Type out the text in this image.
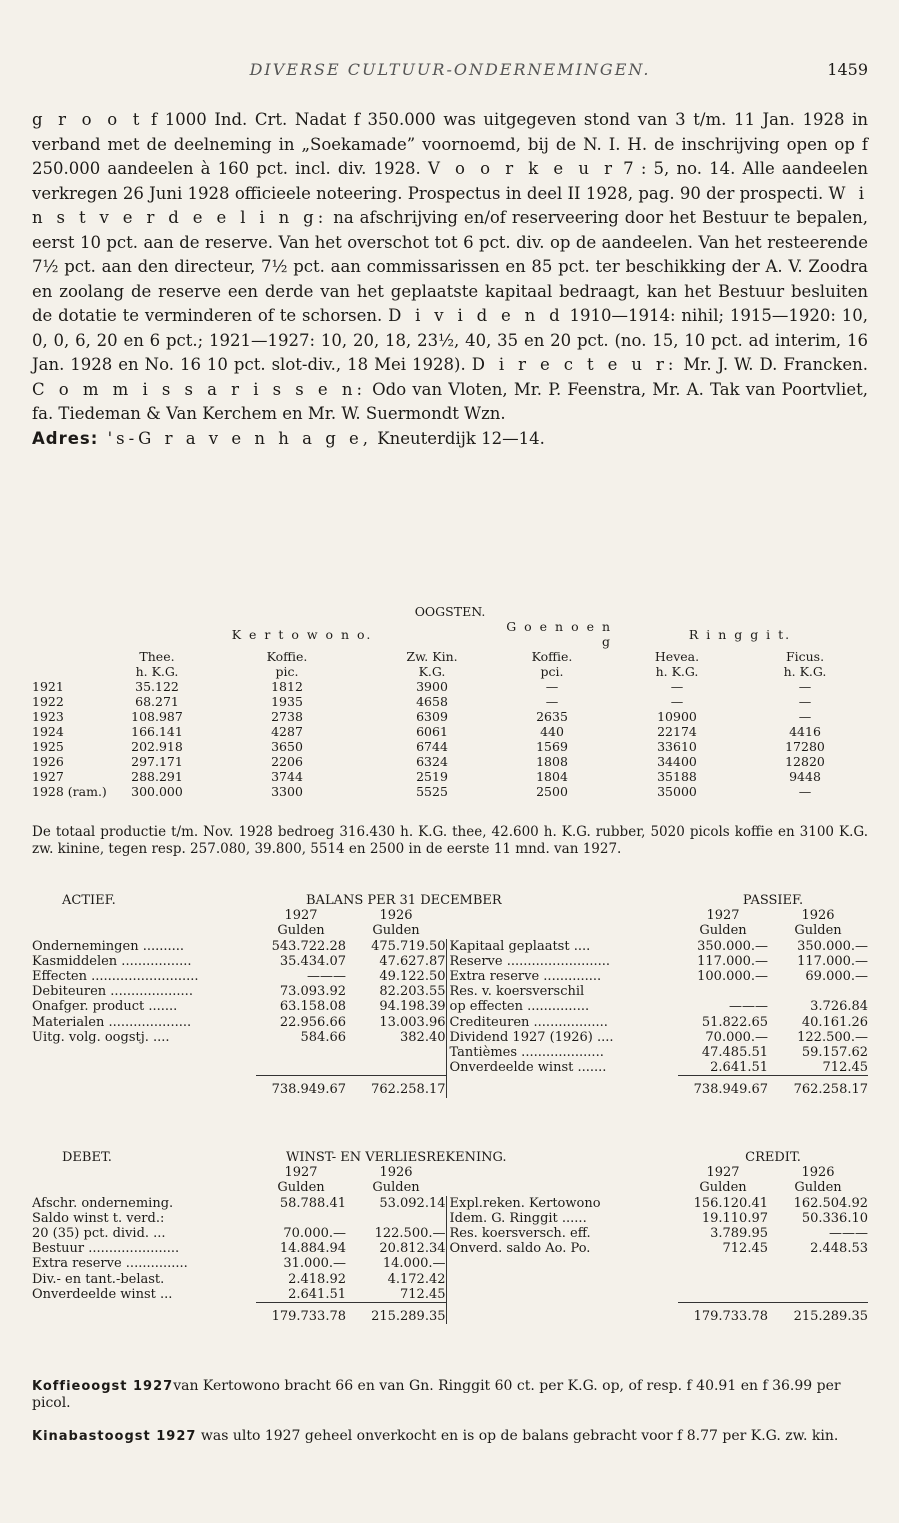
DIVERSE CULTUUR-ONDERNEMINGEN.	1459

g r o o t f 1000 Ind. Crt. Nadat f 350.000 was uitgegeven stond van 3 t/m. 11 Jan. 1928 in verband met de deelneming in „Soekamade” voornoemd, bij de N. I. H. de inschrijving open op f 250.000 aandeelen à 160 pct. incl. div. 1928. V o o r k e u r 7 : 5, no. 14. Alle aandeelen verkregen 26 Juni 1928 officieele noteering. Prospectus in deel II 1928, pag. 90 der prospecti. W i n s t v e r d e e l i n g: na afschrijving en/of reserveering door het Bestuur te bepalen, eerst 10 pct. aan de reserve. Van het overschot tot 6 pct. div. op de aandeelen. Van het resteerende 7½ pct. aan den directeur, 7½ pct. aan commissarissen en 85 pct. ter beschikking der A. V. Zoodra en zoolang de reserve een derde van het geplaatste kapitaal bedraagt, kan het Bestuur besluiten de dotatie te verminderen of te schorsen. D i v i d e n d 1910—1914: nihil; 1915—1920: 10, 0, 0, 6, 20 en 6 pct.; 1921—1927: 10, 20, 18, 23½, 40, 35 en 20 pct. (no. 15, 10 pct. ad interim, 16 Jan. 1928 en No. 16 10 pct. slot-div., 18 Mei 1928). D i r e c t e u r: Mr. J. W. D. Francken. C o m m i s s a r i s s e n: Odo van Vloten, Mr. P. Feenstra, Mr. A. Tak van Poortvliet, fa. Tiedeman & Van Kerchem en Mr. W. Suermondt Wzn.

Adres: 's-G r a v e n h a g e, Kneuterdijk 12—14.

OOGSTEN.						
	K e r t o w o n o.			G o e n o e n g	R i n g g i t.	
	Thee.	Koffie.	Zw. Kin.	Koffie.	Hevea.	Ficus.
	h. K.G.	pic.	K.G.	pci.	h. K.G.	h. K.G.
1921	35.122	1812	3900	—	—	—
1922	68.271	1935	4658	—	—	—
1923	108.987	2738	6309	2635	10900	—
1924	166.141	4287	6061	440	22174	4416
1925	202.918	3650	6744	1569	33610	17280
1926	297.171	2206	6324	1808	34400	12820
1927	288.291	3744	2519	1804	35188	9448
1928 (ram.)	300.000	3300	5525	2500	35000	—
De totaal productie t/m. Nov. 1928 bedroeg 316.430 h. K.G. thee, 42.600 h. K.G. rubber, 5020 picols koffie en 3100 K.G. zw. kinine, tegen resp. 257.080, 39.800, 5514 en 2500 in de eerste 11 mnd. van 1927.
ACTIEF.	BALANS PER 31 DECEMBER			PASSIEF.	
	1927	1926		1927	1926
	Gulden	Gulden		Gulden	Gulden
Ondernemingen ..........	543.722.28	475.719.50	Kapitaal geplaatst ....	350.000.—	350.000.—
Kasmiddelen .................	35.434.07	47.627.87	Reserve .........................	117.000.—	117.000.—
Effecten ..........................	———	49.122.50	Extra reserve ..............	100.000.—	69.000.—
Debiteuren ....................	73.093.92	82.203.55	Res. v. koersverschil		
Onafger. product .......	63.158.08	94.198.39	op effecten ...............	———	3.726.84
Materialen ....................	22.956.66	13.003.96	Crediteuren ..................	51.822.65	40.161.26
Uitg. volg. oogstj. ....	584.66	382.40	Dividend 1927 (1926) ....	70.000.—	122.500.—
			Tantièmes ....................	47.485.51	59.157.62
			Onverdeelde winst .......	2.641.51	712.45
	738.949.67	762.258.17		738.949.67	762.258.17
DEBET.	WINST- EN VERLIESREKENING.			CREDIT.	
	1927	1926		1927	1926
	Gulden	Gulden		Gulden	Gulden
Afschr. onderneming.	58.788.41	53.092.14	Expl.reken. Kertowono	156.120.41	162.504.92
Saldo winst t. verd.:			Idem. G. Ringgit ......	19.110.97	50.336.10
20 (35) pct. divid. ...	70.000.—	122.500.—	Res. koersversch. eff.	3.789.95	———
Bestuur ......................	14.884.94	20.812.34	Onverd. saldo Ao. Po.	712.45	2.448.53
Extra reserve ...............	31.000.—	14.000.—			
Div.- en tant.-belast.	2.418.92	4.172.42			
Onverdeelde winst ...	2.641.51	712.45			
	179.733.78	215.289.35		179.733.78	215.289.35
Koffieoogst 1927van Kertowono bracht 66 en van Gn. Ringgit 60 ct. per K.G. op, of resp. f 40.91 en f 36.99 per picol.
Kinabastoogst 1927 was ulto 1927 geheel onverkocht en is op de balans gebracht voor f 8.77 per K.G. zw. kin.
